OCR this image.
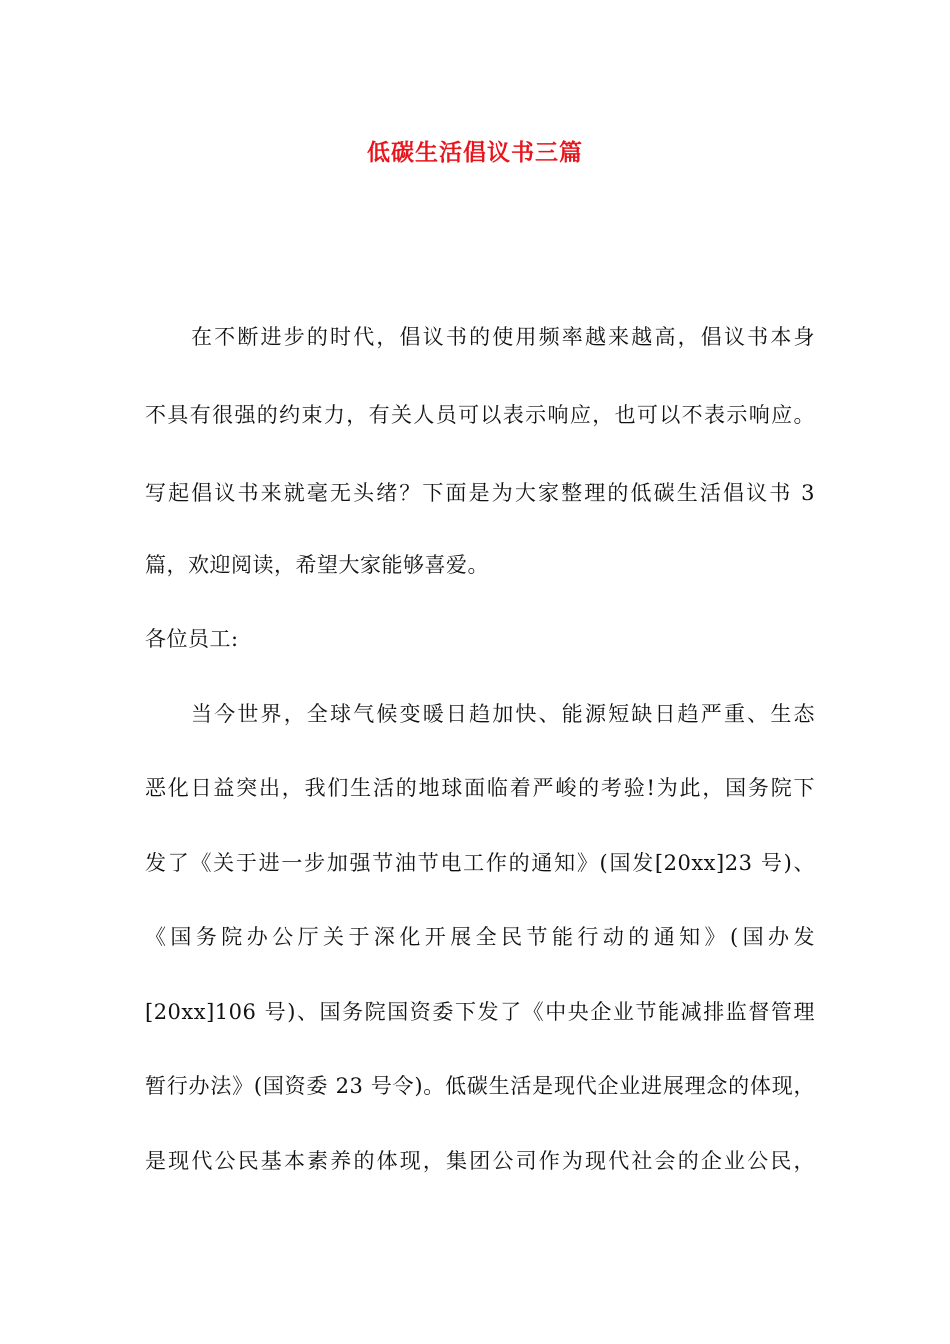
低碳生活倡议书三篇
在不断进步的时代，倡议书的使用频率越来越高，倡议书本身
不具有很强的约束力，有关人员可以表示响应，也可以不表示响应。
写起倡议书来就毫无头绪？下面是为大家整理的低碳生活倡议书 3
篇，欢迎阅读，希望大家能够喜爱。
各位员工:
当今世界，全球气候变暖日趋加快、能源短缺日趋严重、生态
恶化日益突出，我们生活的地球面临着严峻的考验!为此，国务院下
发了《关于进一步加强节油节电工作的通知》(国发[20xx]23 号)、
《国务院办公厅关于深化开展全民节能行动的通知》(国办发
[20xx]106 号)、国务院国资委下发了《中央企业节能减排监督管理
暂行办法》(国资委 23 号令)。低碳生活是现代企业进展理念的体现，
是现代公民基本素养的体现，集团公司作为现代社会的企业公民，
